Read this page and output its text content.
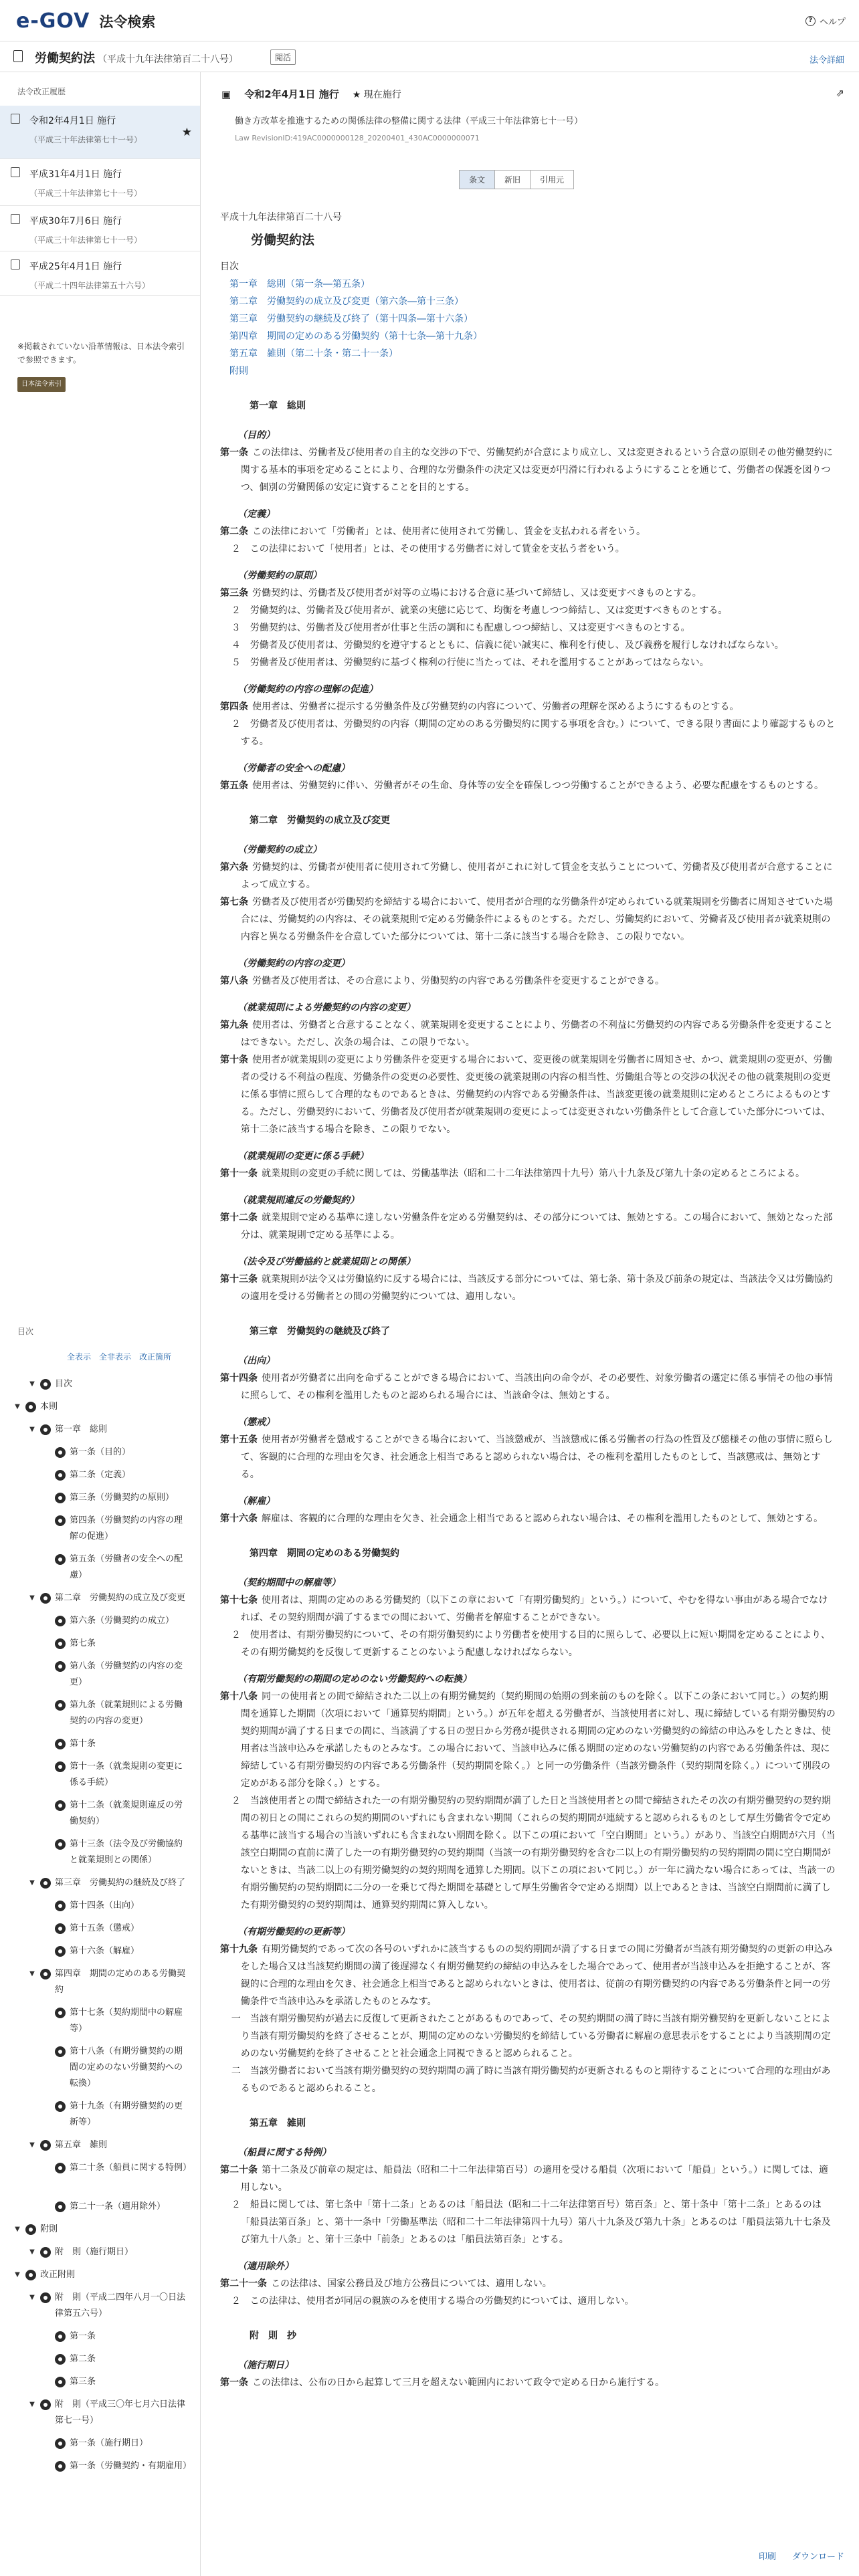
e-GOV 法令検索	? ヘルプ
労働契約法 （平成十九年法律第百二十八号）	閲活	法令詳細
法令改正履歴
令和2年4月1日 施行
（平成三十年法律第七十一号）
★
平成31年4月1日 施行
（平成三十年法律第七十一号）
平成30年7月6日 施行
（平成三十年法律第七十一号）
平成25年4月1日 施行
（平成二十四年法律第五十六号）
※掲載されていない沿革情報は、日本法令索引で参照できます。
日本法令索引
目次
全表示 全非表示 改正箇所
▼ 目次
▼ 本則
▼ 第一章　総則
第一条（目的）
第二条（定義）
第三条（労働契約の原則）
第四条（労働契約の内容の理解の促進）
第五条（労働者の安全への配慮）
▼ 第二章　労働契約の成立及び変更
第六条（労働契約の成立）
第七条
第八条（労働契約の内容の変更）
第九条（就業規則による労働契約の内容の変更）
第十条
第十一条（就業規則の変更に係る手続）
第十二条（就業規則違反の労働契約）
第十三条（法令及び労働協約と就業規則との関係）
▼ 第三章　労働契約の継続及び終了
第十四条（出向）
第十五条（懲戒）
第十六条（解雇）
▼ 第四章　期間の定めのある労働契約
第十七条（契約期間中の解雇等）
第十八条（有期労働契約の期間の定めのない労働契約への転換）
第十九条（有期労働契約の更新等）
▼ 第五章　雑則
第二十条（船員に関する特例）
第二十一条（適用除外）
▼ 附則
▼ 附　則（施行期日）
▼ 改正附則
▼ 附　則（平成二四年八月一〇日法律第五六号）
第一条
第二条
第三条
▼ 附　則（平成三〇年七月六日法律第七一号）
第一条（施行期日）
第一条（労働契約・有期雇用）
▣ 令和2年4月1日 施行 ★ 現在施行	⇗
働き方改革を推進するための関係法律の整備に関する法律（平成三十年法律第七十一号）
Law RevisionID:419AC0000000128_20200401_430AC0000000071
条文	新旧	引用元
平成十九年法律第百二十八号
労働契約法
目次
第一章　総則（第一条―第五条）
第二章　労働契約の成立及び変更（第六条―第十三条）
第三章　労働契約の継続及び終了（第十四条―第十六条）
第四章　期間の定めのある労働契約（第十七条―第十九条）
第五章　雑則（第二十条・第二十一条）
附則
第一章　総則
（目的）
第一条 この法律は、労働者及び使用者の自主的な交渉の下で、労働契約が合意により成立し、又は変更されるという合意の原則その他労働契約に関する基本的事項を定めることにより、合理的な労働条件の決定又は変更が円滑に行われるようにすることを通じて、労働者の保護を図りつつ、個別の労働関係の安定に資することを目的とする。
（定義）
第二条 この法律において「労働者」とは、使用者に使用されて労働し、賃金を支払われる者をいう。
２　この法律において「使用者」とは、その使用する労働者に対して賃金を支払う者をいう。
（労働契約の原則）
第三条 労働契約は、労働者及び使用者が対等の立場における合意に基づいて締結し、又は変更すべきものとする。
２　労働契約は、労働者及び使用者が、就業の実態に応じて、均衡を考慮しつつ締結し、又は変更すべきものとする。
３　労働契約は、労働者及び使用者が仕事と生活の調和にも配慮しつつ締結し、又は変更すべきものとする。
４　労働者及び使用者は、労働契約を遵守するとともに、信義に従い誠実に、権利を行使し、及び義務を履行しなければならない。
５　労働者及び使用者は、労働契約に基づく権利の行使に当たっては、それを濫用することがあってはならない。
（労働契約の内容の理解の促進）
第四条 使用者は、労働者に提示する労働条件及び労働契約の内容について、労働者の理解を深めるようにするものとする。
２　労働者及び使用者は、労働契約の内容（期間の定めのある労働契約に関する事項を含む。）について、できる限り書面により確認するものとする。
（労働者の安全への配慮）
第五条 使用者は、労働契約に伴い、労働者がその生命、身体等の安全を確保しつつ労働することができるよう、必要な配慮をするものとする。
第二章　労働契約の成立及び変更
（労働契約の成立）
第六条 労働契約は、労働者が使用者に使用されて労働し、使用者がこれに対して賃金を支払うことについて、労働者及び使用者が合意することによって成立する。
第七条 労働者及び使用者が労働契約を締結する場合において、使用者が合理的な労働条件が定められている就業規則を労働者に周知させていた場合には、労働契約の内容は、その就業規則で定める労働条件によるものとする。ただし、労働契約において、労働者及び使用者が就業規則の内容と異なる労働条件を合意していた部分については、第十二条に該当する場合を除き、この限りでない。
（労働契約の内容の変更）
第八条 労働者及び使用者は、その合意により、労働契約の内容である労働条件を変更することができる。
（就業規則による労働契約の内容の変更）
第九条 使用者は、労働者と合意することなく、就業規則を変更することにより、労働者の不利益に労働契約の内容である労働条件を変更することはできない。ただし、次条の場合は、この限りでない。
第十条 使用者が就業規則の変更により労働条件を変更する場合において、変更後の就業規則を労働者に周知させ、かつ、就業規則の変更が、労働者の受ける不利益の程度、労働条件の変更の必要性、変更後の就業規則の内容の相当性、労働組合等との交渉の状況その他の就業規則の変更に係る事情に照らして合理的なものであるときは、労働契約の内容である労働条件は、当該変更後の就業規則に定めるところによるものとする。ただし、労働契約において、労働者及び使用者が就業規則の変更によっては変更されない労働条件として合意していた部分については、第十二条に該当する場合を除き、この限りでない。
（就業規則の変更に係る手続）
第十一条 就業規則の変更の手続に関しては、労働基準法（昭和二十二年法律第四十九号）第八十九条及び第九十条の定めるところによる。
（就業規則違反の労働契約）
第十二条 就業規則で定める基準に達しない労働条件を定める労働契約は、その部分については、無効とする。この場合において、無効となった部分は、就業規則で定める基準による。
（法令及び労働協約と就業規則との関係）
第十三条 就業規則が法令又は労働協約に反する場合には、当該反する部分については、第七条、第十条及び前条の規定は、当該法令又は労働協約の適用を受ける労働者との間の労働契約については、適用しない。
第三章　労働契約の継続及び終了
（出向）
第十四条 使用者が労働者に出向を命ずることができる場合において、当該出向の命令が、その必要性、対象労働者の選定に係る事情その他の事情に照らして、その権利を濫用したものと認められる場合には、当該命令は、無効とする。
（懲戒）
第十五条 使用者が労働者を懲戒することができる場合において、当該懲戒が、当該懲戒に係る労働者の行為の性質及び態様その他の事情に照らして、客観的に合理的な理由を欠き、社会通念上相当であると認められない場合は、その権利を濫用したものとして、当該懲戒は、無効とする。
（解雇）
第十六条 解雇は、客観的に合理的な理由を欠き、社会通念上相当であると認められない場合は、その権利を濫用したものとして、無効とする。
第四章　期間の定めのある労働契約
（契約期間中の解雇等）
第十七条 使用者は、期間の定めのある労働契約（以下この章において「有期労働契約」という。）について、やむを得ない事由がある場合でなければ、その契約期間が満了するまでの間において、労働者を解雇することができない。
２　使用者は、有期労働契約について、その有期労働契約により労働者を使用する目的に照らして、必要以上に短い期間を定めることにより、その有期労働契約を反復して更新することのないよう配慮しなければならない。
（有期労働契約の期間の定めのない労働契約への転換）
第十八条 同一の使用者との間で締結された二以上の有期労働契約（契約期間の始期の到来前のものを除く。以下この条において同じ。）の契約期間を通算した期間（次項において「通算契約期間」という。）が五年を超える労働者が、当該使用者に対し、現に締結している有期労働契約の契約期間が満了する日までの間に、当該満了する日の翌日から労務が提供される期間の定めのない労働契約の締結の申込みをしたときは、使用者は当該申込みを承諾したものとみなす。この場合において、当該申込みに係る期間の定めのない労働契約の内容である労働条件は、現に締結している有期労働契約の内容である労働条件（契約期間を除く。）と同一の労働条件（当該労働条件（契約期間を除く。）について別段の定めがある部分を除く。）とする。
２　当該使用者との間で締結された一の有期労働契約の契約期間が満了した日と当該使用者との間で締結されたその次の有期労働契約の契約期間の初日との間にこれらの契約期間のいずれにも含まれない期間（これらの契約期間が連続すると認められるものとして厚生労働省令で定める基準に該当する場合の当該いずれにも含まれない期間を除く。以下この項において「空白期間」という。）があり、当該空白期間が六月（当該空白期間の直前に満了した一の有期労働契約の契約期間（当該一の有期労働契約を含む二以上の有期労働契約の契約期間の間に空白期間がないときは、当該二以上の有期労働契約の契約期間を通算した期間。以下この項において同じ。）が一年に満たない場合にあっては、当該一の有期労働契約の契約期間に二分の一を乗じて得た期間を基礎として厚生労働省令で定める期間）以上であるときは、当該空白期間前に満了した有期労働契約の契約期間は、通算契約期間に算入しない。
（有期労働契約の更新等）
第十九条 有期労働契約であって次の各号のいずれかに該当するものの契約期間が満了する日までの間に労働者が当該有期労働契約の更新の申込みをした場合又は当該契約期間の満了後遅滞なく有期労働契約の締結の申込みをした場合であって、使用者が当該申込みを拒絶することが、客観的に合理的な理由を欠き、社会通念上相当であると認められないときは、使用者は、従前の有期労働契約の内容である労働条件と同一の労働条件で当該申込みを承諾したものとみなす。
一　当該有期労働契約が過去に反復して更新されたことがあるものであって、その契約期間の満了時に当該有期労働契約を更新しないことにより当該有期労働契約を終了させることが、期間の定めのない労働契約を締結している労働者に解雇の意思表示をすることにより当該期間の定めのない労働契約を終了させることと社会通念上同視できると認められること。
二　当該労働者において当該有期労働契約の契約期間の満了時に当該有期労働契約が更新されるものと期待することについて合理的な理由があるものであると認められること。
第五章　雑則
（船員に関する特例）
第二十条 第十二条及び前章の規定は、船員法（昭和二十二年法律第百号）の適用を受ける船員（次項において「船員」という。）に関しては、適用しない。
２　船員に関しては、第七条中「第十二条」とあるのは「船員法（昭和二十二年法律第百号）第百条」と、第十条中「第十二条」とあるのは「船員法第百条」と、第十一条中「労働基準法（昭和二十二年法律第四十九号）第八十九条及び第九十条」とあるのは「船員法第九十七条及び第九十八条」と、第十三条中「前条」とあるのは「船員法第百条」とする。
（適用除外）
第二十一条 この法律は、国家公務員及び地方公務員については、適用しない。
２　この法律は、使用者が同居の親族のみを使用する場合の労働契約については、適用しない。
附　則　抄
（施行期日）
第一条 この法律は、公布の日から起算して三月を超えない範囲内において政令で定める日から施行する。
印刷 ダウンロード
